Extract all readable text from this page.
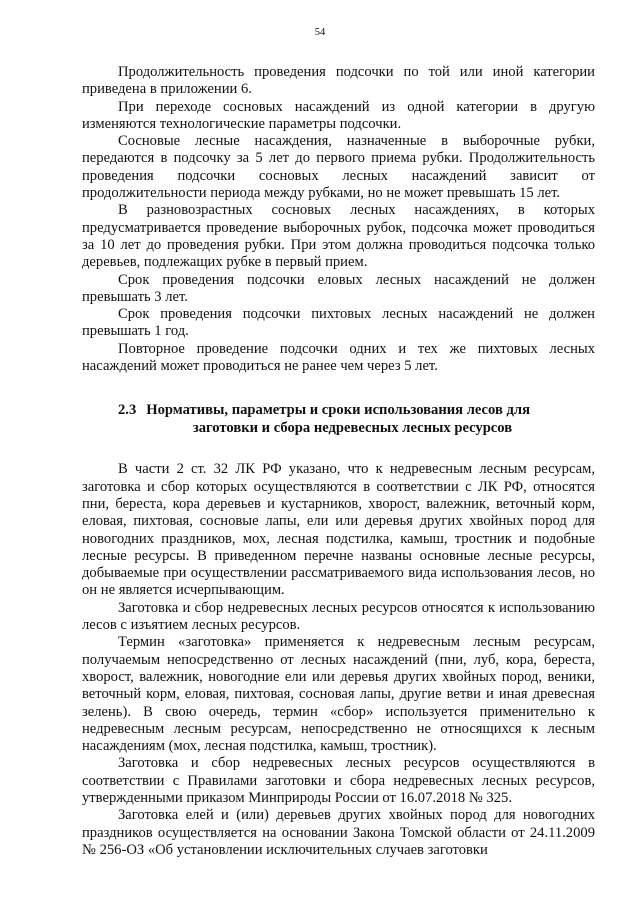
54

Продолжительность проведения подсочки по той или иной категории приведена в приложении 6.

При переходе сосновых насаждений из одной категории в другую изменяются технологические параметры подсочки.

Сосновые лесные насаждения, назначенные в выборочные рубки, передаются в подсочку за 5 лет до первого приема рубки. Продолжительность проведения подсочки сосновых лесных насаждений зависит от продолжительности периода между рубками, но не может превышать 15 лет.

В разновозрастных сосновых лесных насаждениях, в которых предусматривается проведение выборочных рубок, подсочка может проводиться за 10 лет до проведения рубки. При этом должна проводиться подсочка только деревьев, подлежащих рубке в первый прием.

Срок проведения подсочки еловых лесных насаждений не должен превышать 3 лет.

Срок проведения подсочки пихтовых лесных насаждений не должен превышать 1 год.

Повторное проведение подсочки одних и тех же пихтовых лесных насаждений может проводиться не ранее чем через 5 лет.

2.3 Нормативы, параметры и сроки использования лесов для
заготовки и сбора недревесных лесных ресурсов

В части 2 ст. 32 ЛК РФ указано, что к недревесным лесным ресурсам, заготовка и сбор которых осуществляются в соответствии с ЛК РФ, относятся пни, береста, кора деревьев и кустарников, хворост, валежник, веточный корм, еловая, пихтовая, сосновые лапы, ели или деревья других хвойных пород для новогодних праздников, мох, лесная подстилка, камыш, тростник и подобные лесные ресурсы. В приведенном перечне названы основные лесные ресурсы, добываемые при осуществлении рассматриваемого вида использования лесов, но он не является исчерпывающим.

Заготовка и сбор недревесных лесных ресурсов относятся к использованию лесов с изъятием лесных ресурсов.

Термин «заготовка» применяется к недревесным лесным ресурсам, получаемым непосредственно от лесных насаждений (пни, луб, кора, береста, хворост, валежник, новогодние ели или деревья других хвойных пород, веники, веточный корм, еловая, пихтовая, сосновая лапы, другие ветви и иная древесная зелень). В свою очередь, термин «сбор» используется применительно к недревесным лесным ресурсам, непосредственно не относящихся к лесным насаждениям (мох, лесная подстилка, камыш, тростник).

Заготовка и сбор недревесных лесных ресурсов осуществляются в соответствии с Правилами заготовки и сбора недревесных лесных ресурсов, утвержденными приказом Минприроды России от 16.07.2018 № 325.

Заготовка елей и (или) деревьев других хвойных пород для новогодних праздников осуществляется на основании Закона Томской области от 24.11.2009 № 256-ОЗ «Об установлении исключительных случаев заготовки
